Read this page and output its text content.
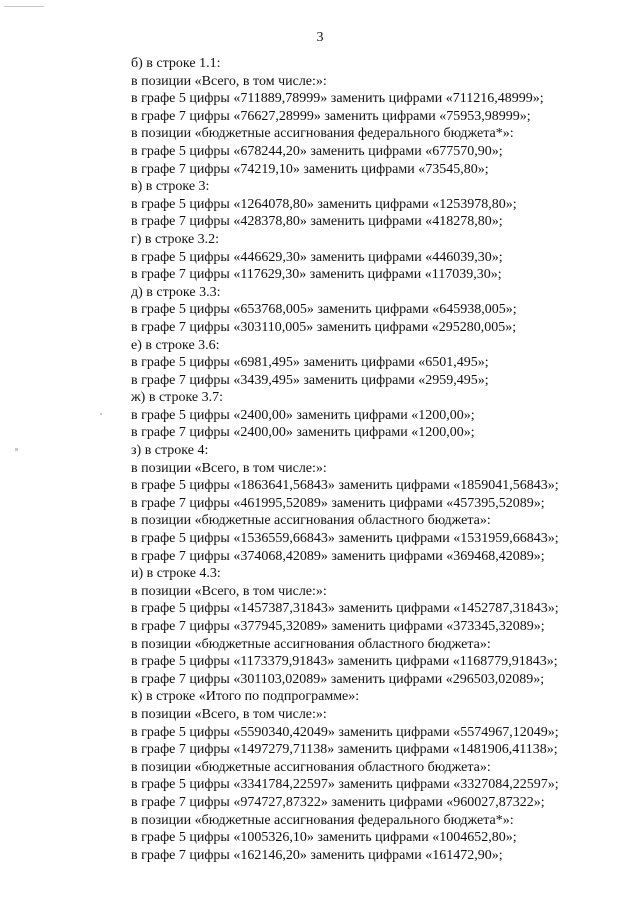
3
б) в строке 1.1:
в позиции «Всего, в том числе:»:
в графе 5 цифры «711889,78999» заменить цифрами «711216,48999»;
в графе 7 цифры «76627,28999» заменить цифрами «75953,98999»;
в позиции «бюджетные ассигнования федерального бюджета*»:
в графе 5 цифры «678244,20» заменить цифрами «677570,90»;
в графе 7 цифры «74219,10» заменить цифрами «73545,80»;
в) в строке 3:
в графе 5 цифры «1264078,80» заменить цифрами «1253978,80»;
в графе 7 цифры «428378,80» заменить цифрами «418278,80»;
г) в строке 3.2:
в графе 5 цифры «446629,30» заменить цифрами «446039,30»;
в графе 7 цифры «117629,30» заменить цифрами «117039,30»;
д) в строке 3.3:
в графе 5 цифры «653768,005» заменить цифрами «645938,005»;
в графе 7 цифры «303110,005» заменить цифрами «295280,005»;
е) в строке 3.6:
в графе 5 цифры «6981,495» заменить цифрами «6501,495»;
в графе 7 цифры «3439,495» заменить цифрами «2959,495»;
ж) в строке 3.7:
в графе 5 цифры «2400,00» заменить цифрами «1200,00»;
в графе 7 цифры «2400,00» заменить цифрами «1200,00»;
з) в строке 4:
в позиции «Всего, в том числе:»:
в графе 5 цифры «1863641,56843» заменить цифрами «1859041,56843»;
в графе 7 цифры «461995,52089» заменить цифрами «457395,52089»;
в позиции «бюджетные ассигнования областного бюджета»:
в графе 5 цифры «1536559,66843» заменить цифрами «1531959,66843»;
в графе 7 цифры «374068,42089» заменить цифрами «369468,42089»;
и) в строке 4.3:
в позиции «Всего, в том числе:»:
в графе 5 цифры «1457387,31843» заменить цифрами «1452787,31843»;
в графе 7 цифры «377945,32089» заменить цифрами «373345,32089»;
в позиции «бюджетные ассигнования областного бюджета»:
в графе 5 цифры «1173379,91843» заменить цифрами «1168779,91843»;
в графе 7 цифры «301103,02089» заменить цифрами «296503,02089»;
к) в строке «Итого по подпрограмме»:
в позиции «Всего, в том числе:»:
в графе 5 цифры «5590340,42049» заменить цифрами «5574967,12049»;
в графе 7 цифры «1497279,71138» заменить цифрами «1481906,41138»;
в позиции «бюджетные ассигнования областного бюджета»:
в графе 5 цифры «3341784,22597» заменить цифрами «3327084,22597»;
в графе 7 цифры «974727,87322» заменить цифрами «960027,87322»;
в позиции «бюджетные ассигнования федерального бюджета*»:
в графе 5 цифры «1005326,10» заменить цифрами «1004652,80»;
в графе 7 цифры «162146,20» заменить цифрами «161472,90»;
